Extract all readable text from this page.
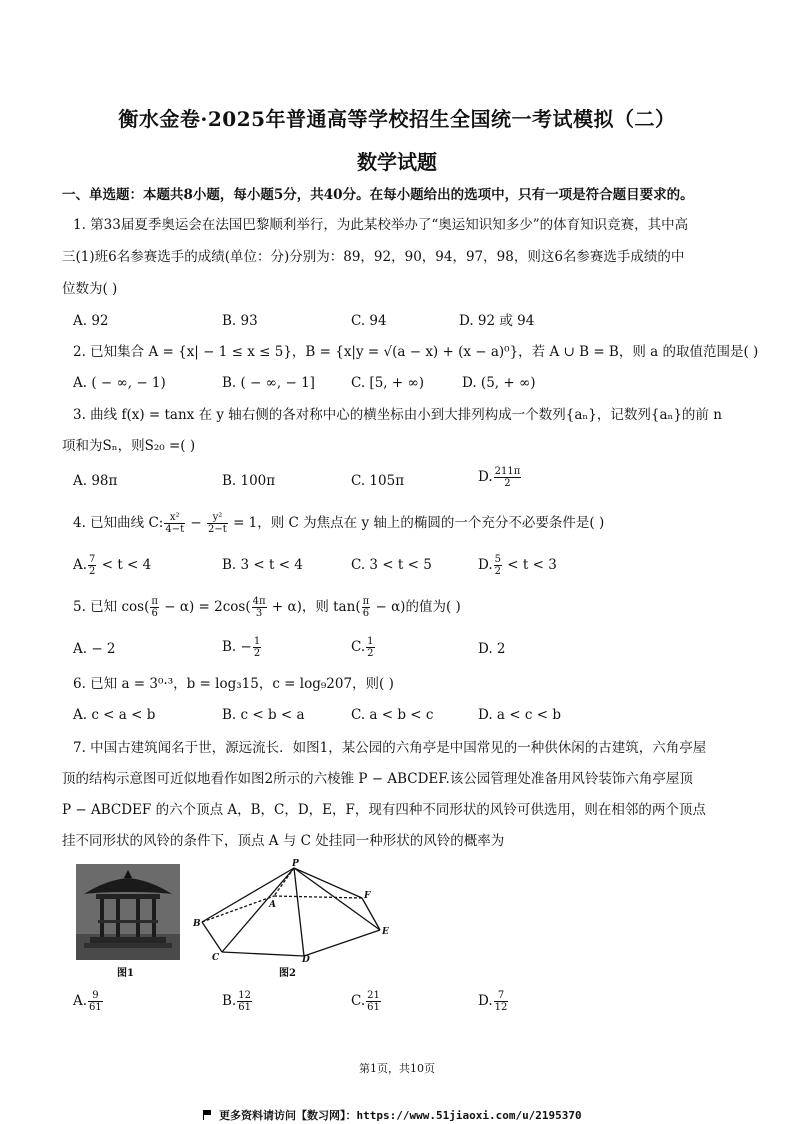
衡水金卷·2025年普通高等学校招生全国统一考试模拟（二）
数学试题
一、单选题：本题共8小题，每小题5分，共40分。在每小题给出的选项中，只有一项是符合题目要求的。
1. 第33届夏季奥运会在法国巴黎顺利举行，为此某校举办了“奥运知识知多少”的体育知识竞赛，其中高
三(1)班6名参赛选手的成绩(单位：分)分别为：89，92，90，94，97，98，则这6名参赛选手成绩的中
位数为( )
A. 92	B. 93	C. 94	D. 92 或 94
2. 已知集合 A = {x| − 1 ≤ x ≤ 5}，B = {x|y = √(a − x) + (x − a)⁰}，若 A ∪ B = B，则 a 的取值范围是( )
A. ( − ∞, − 1)	B. ( − ∞, − 1]	C. [5, + ∞)	D. (5, + ∞)
3. 曲线 f(x) = tanx 在 y 轴右侧的各对称中心的横坐标由小到大排列构成一个数列{aₙ}，记数列{aₙ}的前 n
项和为Sₙ，则S₂₀ =( )
A. 98π	B. 100π	C. 105π	D. $\frac{211\pi}{2}$
4. 已知曲线 C: $\frac{\text{x²}}{4-t} - \frac{\text{y²}}{2-t} = 1$，则 C 为焦点在 y 轴上的椭圆的一个充分不必要条件是( )
A. $\frac{7}{2} < t < 4$	B. 3 < t < 4	C. 3 < t < 5	D. $\frac{5}{2} < t < 3$
5. 已知 $\cos( \frac{\pi}{6} - \alpha) = 2\cos( \frac{4\pi}{3} + \alpha)$，则 $\tan( \frac{\pi}{6} - \alpha)$的值为( )
A. − 2	B. − $\frac{1}{2}$	C. $\frac{1}{2}$	D. 2
6. 已知 a = 3⁰·³，b = log₃15，c = log₉207，则( )
A. c < a < b	B. c < b < a	C. a < b < c	D. a < c < b
7. 中国古建筑闻名于世，源远流长．如图1，某公园的六角亭是中国常见的一种供休闲的古建筑，六角亭屋
顶的结构示意图可近似地看作如图2所示的六棱锥 P − ABCDEF.该公园管理处准备用风铃装饰六角亭屋顶
P − ABCDEF 的六个顶点 A，B，C，D，E，F，现有四种不同形状的风铃可供选用，则在相邻的两个顶点
挂不同形状的风铃的条件下，顶点 A 与 C 处挂同一种形状的风铃的概率为
图1
P
A
B
C	D
E
F
图2
A. $\frac{9}{61}$	B. $\frac{12}{61}$	C. $\frac{21}{61}$	D. $\frac{7}{12}$
第1页，共10页
更多资料请访问【数习网】：https://www.51jiaoxi.com/u/2195370
